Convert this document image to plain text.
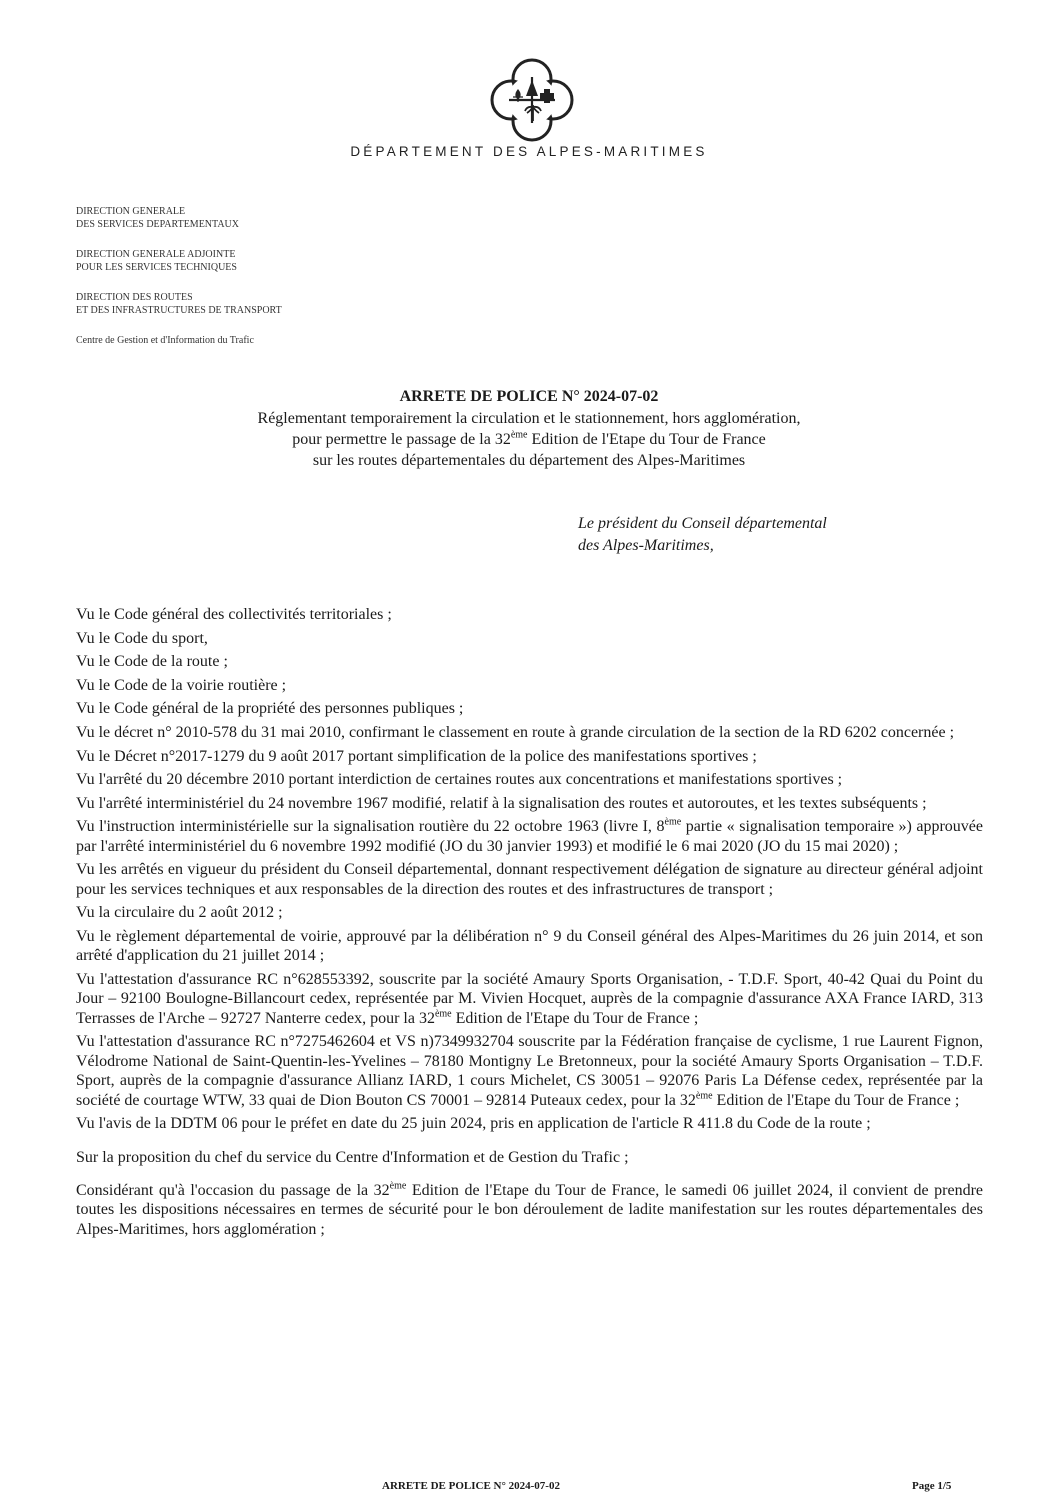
DÉPARTEMENT DES ALPES-MARITIMES
DIRECTION GENERALE
DES SERVICES DEPARTEMENTAUX
DIRECTION GENERALE ADJOINTE
POUR LES SERVICES TECHNIQUES
DIRECTION DES ROUTES
ET DES INFRASTRUCTURES DE TRANSPORT
Centre de Gestion et d'Information du Trafic
ARRETE DE POLICE N° 2024-07-02
Réglementant temporairement la circulation et le stationnement, hors agglomération,
pour permettre le passage de la 32ème Edition de l'Etape du Tour de France
sur les routes départementales du département des Alpes-Maritimes
Le président du Conseil départemental
des Alpes-Maritimes,

Vu le Code général des collectivités territoriales ;

Vu le Code du sport,

Vu le Code de la route ;

Vu le Code de la voirie routière ;

Vu le Code général de la propriété des personnes publiques ;

Vu le décret n° 2010-578 du 31 mai 2010, confirmant le classement en route à grande circulation de la section de la RD 6202 concernée ;

Vu le Décret n°2017-1279 du 9 août 2017 portant simplification de la police des manifestations sportives ;

Vu l'arrêté du 20 décembre 2010 portant interdiction de certaines routes aux concentrations et manifestations sportives ;

Vu l'arrêté interministériel du 24 novembre 1967 modifié, relatif à la signalisation des routes et autoroutes, et les textes subséquents ;

Vu l'instruction interministérielle sur la signalisation routière du 22 octobre 1963 (livre I, 8ème partie « signalisation temporaire ») approuvée par l'arrêté interministériel du 6 novembre 1992 modifié (JO du 30 janvier 1993) et modifié le 6 mai 2020 (JO du 15 mai 2020) ;

Vu les arrêtés en vigueur du président du Conseil départemental, donnant respectivement délégation de signature au directeur général adjoint pour les services techniques et aux responsables de la direction des routes et des infrastructures de transport ;

Vu la circulaire du 2 août 2012 ;

Vu le règlement départemental de voirie, approuvé par la délibération n° 9 du Conseil général des Alpes-Maritimes du 26 juin 2014, et son arrêté d'application du 21 juillet 2014 ;

Vu l'attestation d'assurance RC n°628553392, souscrite par la société Amaury Sports Organisation, - T.D.F. Sport, 40-42 Quai du Point du Jour – 92100 Boulogne-Billancourt cedex, représentée par M. Vivien Hocquet, auprès de la compagnie d'assurance AXA France IARD, 313 Terrasses de l'Arche – 92727 Nanterre cedex, pour la 32ème Edition de l'Etape du Tour de France ;

Vu l'attestation d'assurance RC n°7275462604 et VS n)7349932704 souscrite par la Fédération française de cyclisme, 1 rue Laurent Fignon, Vélodrome National de Saint-Quentin-les-Yvelines – 78180 Montigny Le Bretonneux, pour la société Amaury Sports Organisation – T.D.F. Sport, auprès de la compagnie d'assurance Allianz IARD, 1 cours Michelet, CS 30051 – 92076 Paris La Défense cedex, représentée par la société de courtage WTW, 33 quai de Dion Bouton CS 70001 – 92814 Puteaux cedex, pour la 32ème Edition de l'Etape du Tour de France ;

Vu l'avis de la DDTM 06 pour le préfet en date du 25 juin 2024, pris en application de l'article R 411.8 du Code de la route ;

Sur la proposition du chef du service du Centre d'Information et de Gestion du Trafic ;

Considérant qu'à l'occasion du passage de la 32ème Edition de l'Etape du Tour de France, le samedi 06 juillet 2024, il convient de prendre toutes les dispositions nécessaires en termes de sécurité pour le bon déroulement de ladite manifestation sur les routes départementales des Alpes-Maritimes, hors agglomération ;

ARRETE DE POLICE N° 2024-07-02	Page 1/5
